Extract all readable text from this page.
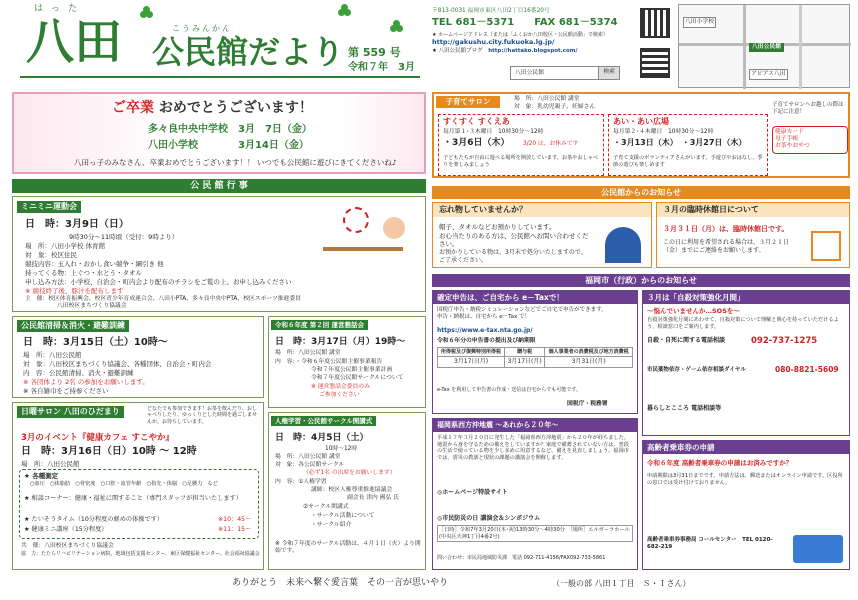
はった
八田	こうみんかん
公民館だより 第 559 号
令和７年　3月
〒813-0031 福岡市東区八田2丁目16番20号
TEL 681－5371　　FAX 681－5374
★ ホームページアドレス（または「ふくおか八田校区・公民館活動」で検索）
http://gakushu.city.fukuoka.lg.jp/
★ 八田公民館ブログ　 http://hattako.blogspot.com/
八田公民館	検索
八田小学校
八田公民館
アピアス八田
ご卒業 おめでとうございます！
多々良中央中学校　3月　7日（金）
八田小学校　　　　3月14日（金）
八田っ子のみなさん、卒業おめでとうございます！！ いつでも公民館に遊びにきてくださいね♪
公 民 館 行 事
ミニミニ運動会
日　時：3月9日（日）
9時30分～11時頃（受付：9時より）
場　所：八田小学校 体育館
対　象：校区住民
競技内容：玉入れ・おかし食い競争・綱引き 他
持ってくる物：上ぐつ・水とう・タオル
申し込み方法：小学校、自治会・町内会より配布のチラシをご覧の上、お申し込みください
※ 競技終了後、豚汁を配布します
主　催：校区体育振興会、校区青少年育成連合会、八田小PTA、多々良中央中PTA、校区スポーツ推進委員
八田校区まちづくり協議会
公民館清掃＆消火・避難訓練
日　時：3月15日（土）10時～
場　所：八田公民館
対　象：八田校区まちづくり協議会、各種団体、自治会・町内会
内　容：公民館清掃、消火・避難訓練
※ 各団体より 2名 の参加をお願いします。
※ 各自雑巾をご持参ください
日曜サロン 八田のひだまり	どなたでも参加できます！お茶を飲んだり、おしゃべりしたり、ゆっくりとした時間を過ごしませんか。お待ちしています。
3月のイベント『健康カフェ すこやか』
日　時：3月16日（日）10時 ～ 12時
場　所：八田公民館
★ 各種測定
○血圧　○体脂肪　○骨密度　○口腔・血管年齢　○指先・体脳　○足腰力　など
★ 相談コーナー：健康・福祉に関すること（専門スタッフが担当いたします）
★ たいそうタイム（10分程度の軽めの体操です）	※10：45～
★ 健康ミニ講座（15分程度）	※11：15～
共　催：八田校区まちづくり協議会
協　力：たたらリハビリテーション病院、地域包括支援センター、東区保健福祉センター、社会福祉協議会
令和６年度 第２回 運営懇話会
日　時：3月17日（月）19時～
場　所：八田公民館 講堂
内　容：・令和６年度公民館主催事業報告
令和７年度公民館主催事業計画
令和７年度公民館サークルについて
※ 運営懇話会委員のみ
ご参加ください
人権学習・公民館サークル開講式
日　時：4月5日（土）
10時～12時
場　所：八田公民館 講堂
対　象：各公民館サークル
（必ず1名 の出席をお願いします）
内　容：①人権学習
講師：校区人権尊重推進協議会
副会長 津内 國弘 氏
②サークル開講式
・サークル活動について
・サークル紹介
※ 令和７年度のサークル活動は、４月１日（火）より開始です。
子育てサロン	場　所：八田公民館 講堂
対　象：乳幼児親子、妊婦さん
すくすく すくえあ
毎月第１･３木曜日　10時30分～12時
・3月6日（木） 3/20 は、お休みです
子どもたちが自由に遊べる場所を開放しています。お茶やおしゃべりを楽しみましょう
あい・あい広場
毎月第２･４木曜日　10時30分～12時
・3月13日（木）　・3月27日（木）
子育て支援のボランティアさんがいます。手遊びやおはなし、季節の遊びも楽しめます
子育てサロンへお越しの際は下記に注意！
健康カード
母子手帳
お茶やおやつ
公民館からのお知らせ
忘れ物していませんか？
帽子、タオルなどお預かりしています。
お心当たりのある方は、公民館へお問い合わせください。
お預かりしている物は、3月末で処分いたしますので、ご了承ください。
３月の臨時休館日について
３月３１日（月）は、臨時休館日です。
この日に利用を希望される場合は、３月２１日（金）までにご連絡をお願いします。
福岡市（行政）からのお知らせ
確定申告は、ご自宅から e－Taxで！
国税庁申告・納税シミュレーションなどでご自宅で申告ができます。申告・納税は、自宅から e－Tax で！
https://www.e-tax.nta.go.jp/
令和６年分の申告書の提出及び納期限
所得税及び復興特別所得税	贈与税	個人事業者の消費税及び地方消費税
3月17日(月)	3月17日(月)	3月31日(月)
e-Tax を利用して申告書の作成・送信は自宅からでも可能です。
国税庁・税務署
福岡県西方沖地震 ～あれから２０年～
平成１７年３月２０日に発生した「福岡県西方沖地震」から２０年が経ちました。地震から身を守るための備えをしていますか？家庭で備蓄されていない方は、普段の生活で使っている物を少し多めに用意するなど、備えを見直しましょう。福岡市では、震災の教訓と現状の課題の講演会を開催します。
◎ホームページ特設サイト
◎市民防災の日 講演会＆シンポジウム
［日時］令和7年3月20日(木･祝)13時30分～4時30分　［場所］エルガーラホール(中央区天神1丁目4番2号)
問い合わせ：市民局地域防災課　電話 092-711-4156/FAX092-733-5861
３月は「自殺対策強化月間」
～悩んでいませんか…SOSを～
自殺対策強化月間にあわせて、自殺対策について理解と関心を持っていただけるよう、相談窓口をご案内します。
自殺・自死に関する電話相談	092-737-1275
市民薬物依存・ゲーム依存相談ダイヤル	080-8821-5609
暮らしとこころ 電話相談等
高齢者乗車券の申請
令和６年度 高齢者乗車券の申請はお済みですか？
申請期限は3月31日までです。申請方法は、郵送またはオンライン申請です。区役所の窓口では受け付けておりません。
高齢者乗車券事務局 コールセンター　TEL 0120-682-219
ありがとう　未来へ繋ぐ愛言葉　その一言が思いやり	（一般の部 八田１丁目　Ｓ・Ｉさん）
